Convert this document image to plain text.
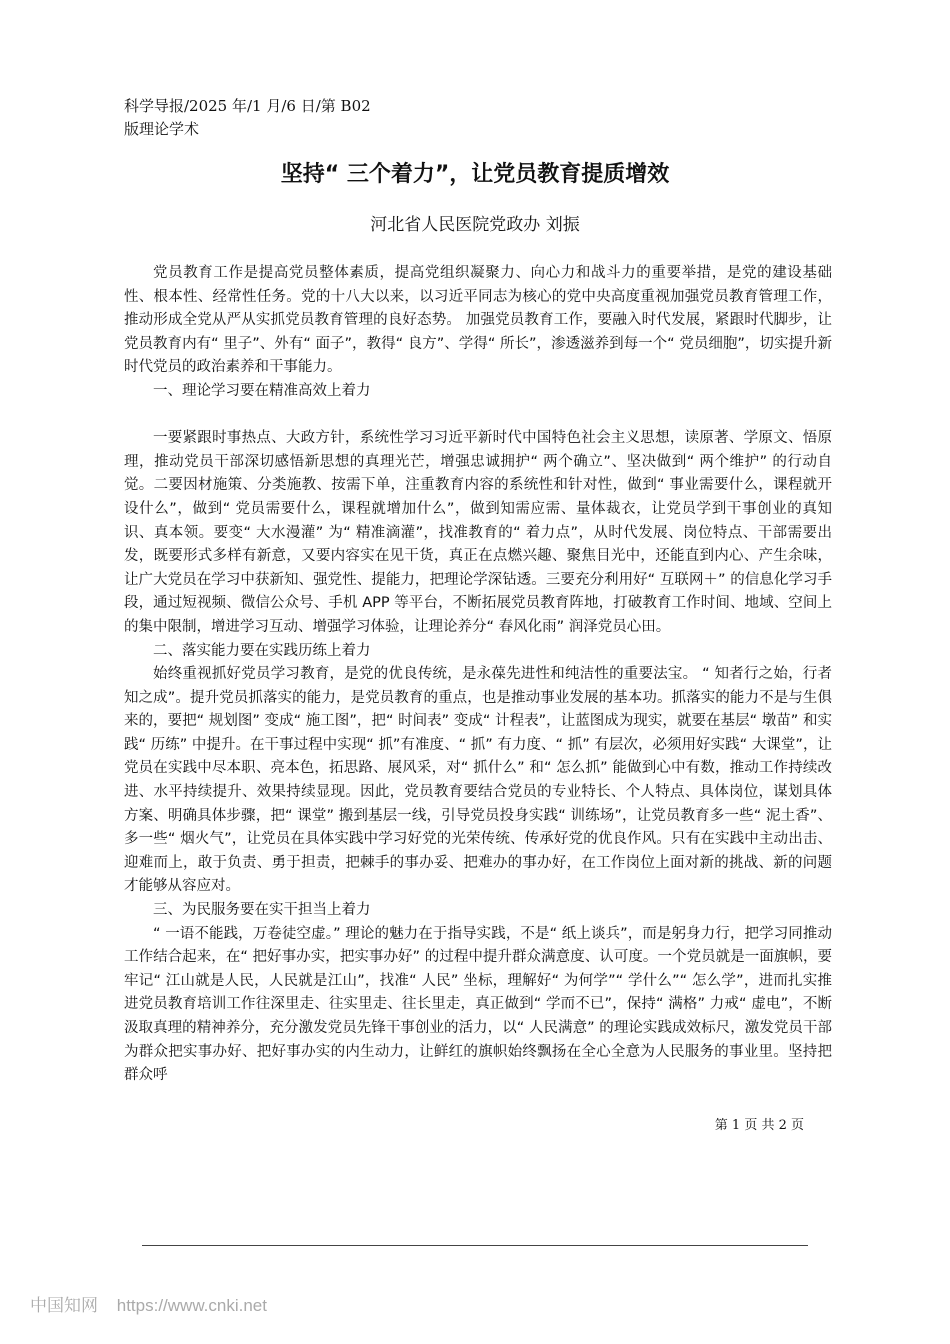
科学导报/2025 年/1 月/6 日/第 B02
版理论学术
坚持“ 三个着力”，让党员教育提质增效
河北省人民医院党政办 刘振

党员教育工作是提高党员整体素质，提高党组织凝聚力、向心力和战斗力的重要举措，是党的建设基础性、根本性、经常性任务。党的十八大以来，以习近平同志为核心的党中央高度重视加强党员教育管理工作， 推动形成全党从严从实抓党员教育管理的良好态势。 加强党员教育工作，要融入时代发展，紧跟时代脚步，让党员教育内有“ 里子”、外有“ 面子”，教得“ 良方”、学得“ 所长”，渗透滋养到每一个“ 党员细胞”，切实提升新时代党员的政治素养和干事能力。

一、理论学习要在精准高效上着力

一要紧跟时事热点、大政方针，系统性学习习近平新时代中国特色社会主义思想，读原著、学原文、悟原理，推动党员干部深切感悟新思想的真理光芒，增强忠诚拥护“ 两个确立”、坚决做到“ 两个维护” 的行动自觉。二要因材施策、分类施教、按需下单，注重教育内容的系统性和针对性，做到“ 事业需要什么，课程就开设什么”，做到“ 党员需要什么，课程就增加什么”，做到知需应需、量体裁衣，让党员学到干事创业的真知识、真本领。要变“ 大水漫灌” 为“ 精准滴灌”，找准教育的“ 着力点”，从时代发展、岗位特点、干部需要出发，既要形式多样有新意，又要内容实在见干货，真正在点燃兴趣、聚焦目光中，还能直到内心、产生余味，让广大党员在学习中获新知、强党性、提能力，把理论学深钻透。三要充分利用好“ 互联网＋” 的信息化学习手段，通过短视频、微信公众号、手机 APP 等平台，不断拓展党员教育阵地，打破教育工作时间、地域、空间上的集中限制，增进学习互动、增强学习体验，让理论养分“ 春风化雨” 润泽党员心田。

二、落实能力要在实践历练上着力

始终重视抓好党员学习教育，是党的优良传统，是永葆先进性和纯洁性的重要法宝。 “ 知者行之始，行者知之成”。提升党员抓落实的能力，是党员教育的重点，也是推动事业发展的基本功。抓落实的能力不是与生俱来的，要把“ 规划图” 变成“ 施工图”，把“ 时间表” 变成“ 计程表”，让蓝图成为现实，就要在基层“ 墩苗” 和实践“ 历练” 中提升。在干事过程中实现“ 抓”有准度、“ 抓” 有力度、“ 抓” 有层次，必须用好实践“ 大课堂”，让党员在实践中尽本职、亮本色，拓思路、展风采，对“ 抓什么” 和“ 怎么抓” 能做到心中有数，推动工作持续改进、水平持续提升、效果持续显现。因此，党员教育要结合党员的专业特长、个人特点、具体岗位，谋划具体方案、明确具体步骤，把“ 课堂” 搬到基层一线，引导党员投身实践“ 训练场”，让党员教育多一些“ 泥土香”、多一些“ 烟火气”，让党员在具体实践中学习好党的光荣传统、传承好党的优良作风。只有在实践中主动出击、迎难而上，敢于负责、勇于担责，把棘手的事办妥、把难办的事办好，在工作岗位上面对新的挑战、新的问题才能够从容应对。

三、为民服务要在实干担当上着力

“ 一语不能践，万卷徒空虚。” 理论的魅力在于指导实践，不是“ 纸上谈兵”，而是躬身力行，把学习同推动工作结合起来，在“ 把好事办实，把实事办好” 的过程中提升群众满意度、认可度。一个党员就是一面旗帜，要牢记“ 江山就是人民，人民就是江山”，找准“ 人民” 坐标，理解好“ 为何学”“ 学什么”“ 怎么学”，进而扎实推进党员教育培训工作往深里走、往实里走、往长里走，真正做到“ 学而不已”，保持“ 满格” 力戒“ 虚电”，不断汲取真理的精神养分，充分激发党员先锋干事创业的活力，以“ 人民满意” 的理论实践成效标尺，激发党员干部为群众把实事办好、把好事办实的内生动力，让鲜红的旗帜始终飘扬在全心全意为人民服务的事业里。坚持把群众呼

第 1 页 共 2 页
中国知网 https://www.cnki.net
